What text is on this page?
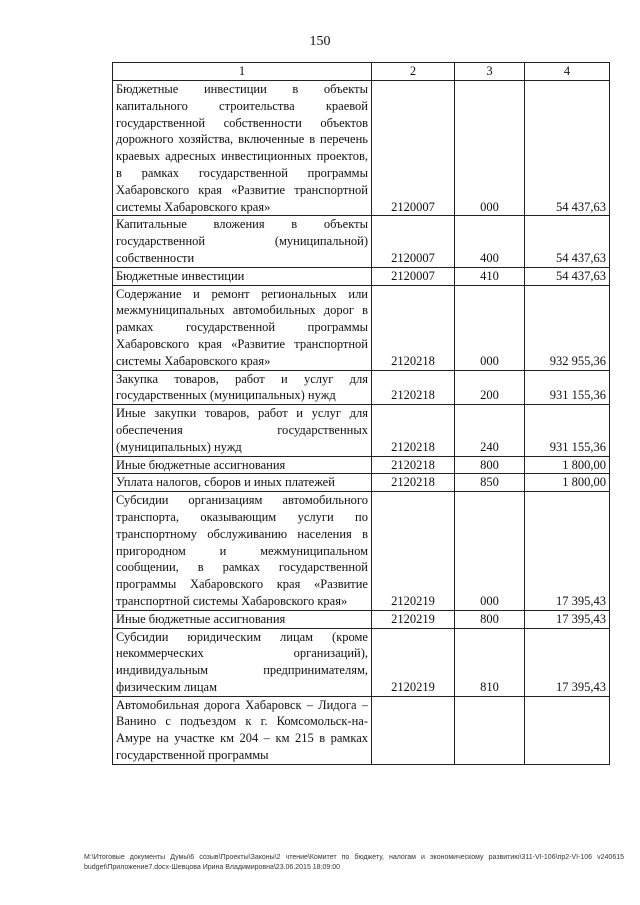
150
1	2	3	4
Бюджетные инвестиции в объекты капитального строительства краевой государственной собственности объектов дорожного хозяйства, включенные в перечень краевых адресных инвестиционных проектов, в рамках государственной программы Хабаровского края «Развитие транспортной системы Хабаровского края»	2120007	000	54 437,63
Капитальные вложения в объекты государственной (муниципальной) собственности	2120007	400	54 437,63
Бюджетные инвестиции	2120007	410	54 437,63
Содержание и ремонт региональных или межмуниципальных автомобильных дорог в рамках государственной программы Хабаровского края «Развитие транспортной системы Хабаровского края»	2120218	000	932 955,36
Закупка товаров, работ и услуг для государственных (муниципальных) нужд	2120218	200	931 155,36
Иные закупки товаров, работ и услуг для обеспечения государственных (муниципальных) нужд	2120218	240	931 155,36
Иные бюджетные ассигнования	2120218	800	1 800,00
Уплата налогов, сборов и иных платежей	2120218	850	1 800,00
Субсидии организациям автомобильного транспорта, оказывающим услуги по транспортному обслуживанию населения в пригородном и межмуниципальном сообщении, в рамках государственной программы Хабаровского края «Развитие транспортной системы Хабаровского края»	2120219	000	17 395,43
Иные бюджетные ассигнования	2120219	800	17 395,43
Субсидии юридическим лицам (кроме некоммерческих организаций), индивидуальным предпринимателям, физическим лицам	2120219	810	17 395,43
Автомобильная дорога Хабаровск – Лидога – Ванино с подъездом к г. Комсомольск-на-Амуре на участке км 204 – км 215 в рамках государственной программы			
M:\Итоговые документы Думы\6 созыв\Проекты\Законы\2 чтение\Комитет по бюджету, налогам и экономическому развитию\311-VI-106\пр2-VI-106 v240615 budget\Приложение7.docx-Шевцова Ирина Владимировна\23.06.2015 18:09:00
